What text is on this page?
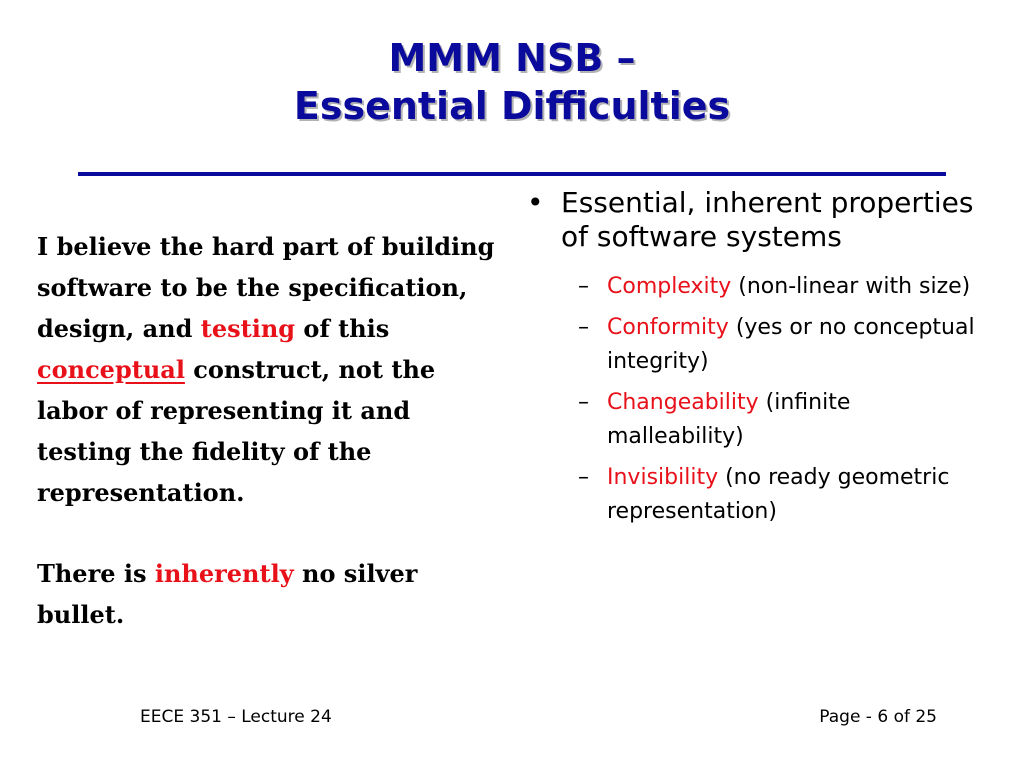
MMM NSB –
Essential Difficulties

I believe the hard part of building software to be the specification, design, and testing of this conceptual construct, not the labor of representing it and testing the fidelity of the representation.

There is inherently no silver bullet.

• Essential, inherent properties of software systems
– Complexity (non-linear with size)
– Conformity (yes or no conceptual integrity)
– Changeability (infinite malleability)
– Invisibility (no ready geometric representation)
EECE 351 – Lecture 24	Page - 6 of 25
